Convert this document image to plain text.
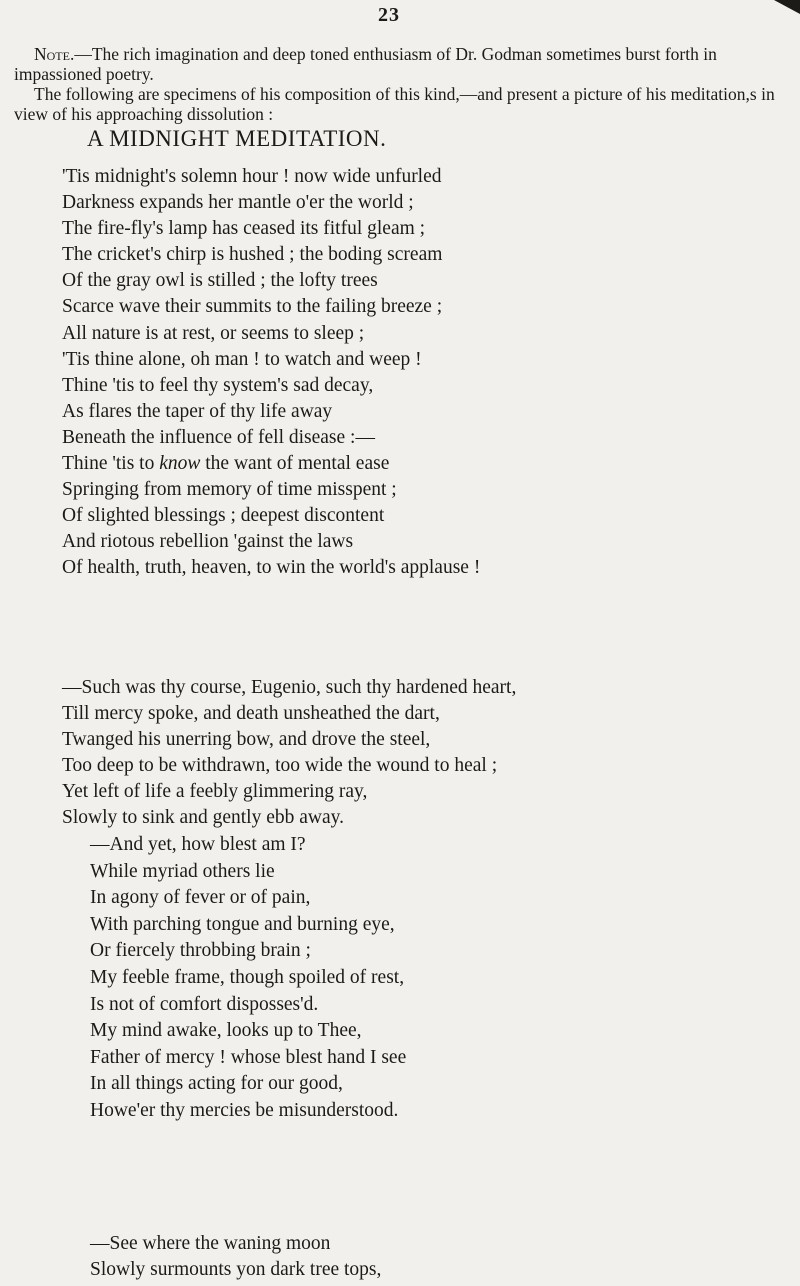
23

Note.—The rich imagination and deep toned enthusiasm of Dr. Godman sometimes burst forth in impassioned poetry.

The following are specimens of his composition of this kind,—and present a picture of his meditation,s in view of his approaching dissolution :

A MIDNIGHT MEDITATION.
'Tis midnight's solemn hour ! now wide unfurled
Darkness expands her mantle o'er the world ;
The fire-fly's lamp has ceased its fitful gleam ;
The cricket's chirp is hushed ; the boding scream
Of the gray owl is stilled ; the lofty trees
Scarce wave their summits to the failing breeze ;
All nature is at rest, or seems to sleep ;
'Tis thine alone, oh man ! to watch and weep !
Thine 'tis to feel thy system's sad decay,
As flares the taper of thy life away
Beneath the influence of fell disease :—
Thine 'tis to know the want of mental ease
Springing from memory of time misspent ;
Of slighted blessings ; deepest discontent
And riotous rebellion 'gainst the laws
Of health, truth, heaven, to win the world's applause !
—Such was thy course, Eugenio, such thy hardened heart,
Till mercy spoke, and death unsheathed the dart,
Twanged his unerring bow, and drove the steel,
Too deep to be withdrawn, too wide the wound to heal ;
Yet left of life a feebly glimmering ray,
Slowly to sink and gently ebb away.
—And yet, how blest am I?
While myriad others lie
In agony of fever or of pain,
With parching tongue and burning eye,
Or fiercely throbbing brain ;
My feeble frame, though spoiled of rest,
Is not of comfort disposses'd.
My mind awake, looks up to Thee,
Father of mercy ! whose blest hand I see
In all things acting for our good,
Howe'er thy mercies be misunderstood.
—See where the waning moon
Slowly surmounts yon dark tree tops,
